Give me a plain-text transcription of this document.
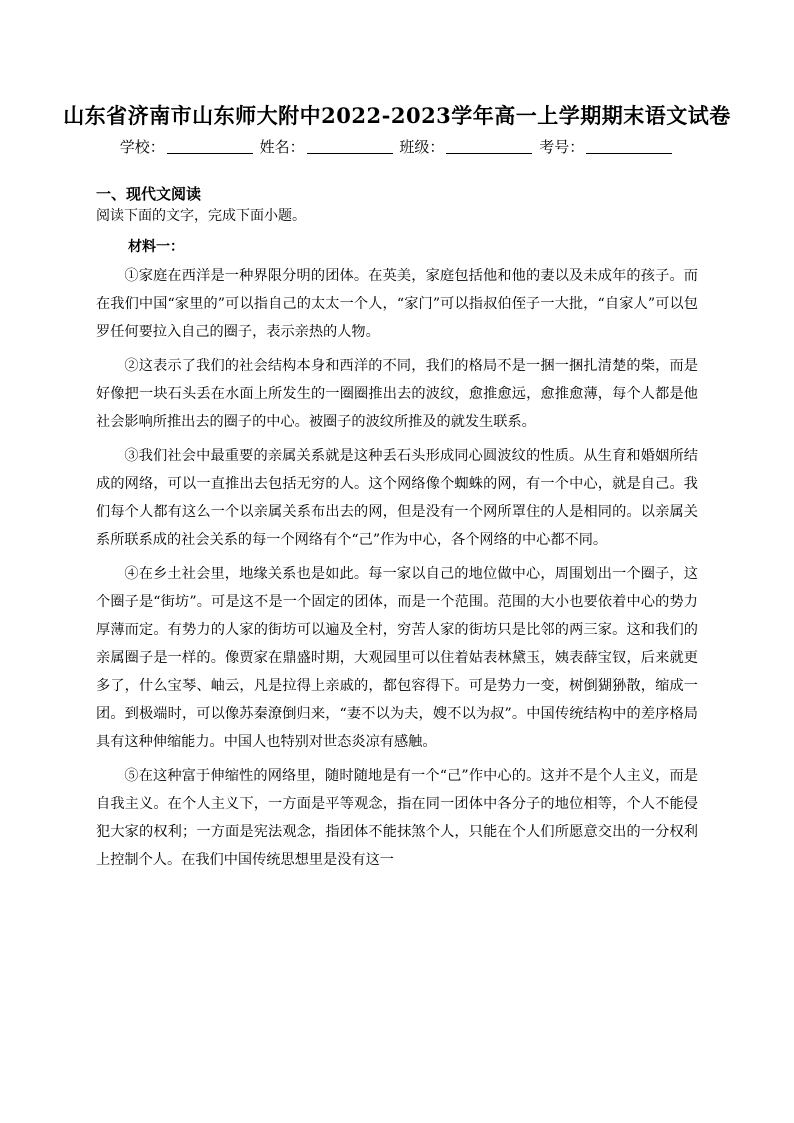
山东省济南市山东师大附中2022-2023学年高一上学期期末语文试卷
学校：	姓名：	班级：	考号：
一、现代文阅读
阅读下面的文字，完成下面小题。
材料一：

①家庭在西洋是一种界限分明的团体。在英美，家庭包括他和他的妻以及未成年的孩子。而在我们中国“家里的”可以指自己的太太一个人，“家门”可以指叔伯侄子一大批，“自家人”可以包罗任何要拉入自己的圈子，表示亲热的人物。

②这表示了我们的社会结构本身和西洋的不同，我们的格局不是一捆一捆扎清楚的柴，而是好像把一块石头丢在水面上所发生的一圈圈推出去的波纹，愈推愈远，愈推愈薄，每个人都是他社会影响所推出去的圈子的中心。被圈子的波纹所推及的就发生联系。

③我们社会中最重要的亲属关系就是这种丢石头形成同心圆波纹的性质。从生育和婚姻所结成的网络，可以一直推出去包括无穷的人。这个网络像个蜘蛛的网，有一个中心，就是自己。我们每个人都有这么一个以亲属关系布出去的网，但是没有一个网所罩住的人是相同的。以亲属关系所联系成的社会关系的每一个网络有个“己”作为中心，各个网络的中心都不同。

④在乡土社会里，地缘关系也是如此。每一家以自己的地位做中心，周围划出一个圈子，这个圈子是“街坊”。可是这不是一个固定的团体，而是一个范围。范围的大小也要依着中心的势力厚薄而定。有势力的人家的街坊可以遍及全村，穷苦人家的街坊只是比邻的两三家。这和我们的亲属圈子是一样的。像贾家在鼎盛时期，大观园里可以住着姑表林黛玉，姨表薛宝钗，后来就更多了，什么宝琴、岫云，凡是拉得上亲戚的，都包容得下。可是势力一变，树倒猢狲散，缩成一团。到极端时，可以像苏秦潦倒归来，“妻不以为夫，嫂不以为叔”。中国传统结构中的差序格局具有这种伸缩能力。中国人也特别对世态炎凉有感触。

⑤在这种富于伸缩性的网络里，随时随地是有一个“己”作中心的。这并不是个人主义，而是自我主义。在个人主义下，一方面是平等观念，指在同一团体中各分子的地位相等，个人不能侵犯大家的权利；一方面是宪法观念，指团体不能抹煞个人，只能在个人们所愿意交出的一分权利上控制个人。在我们中国传统思想里是没有这一
